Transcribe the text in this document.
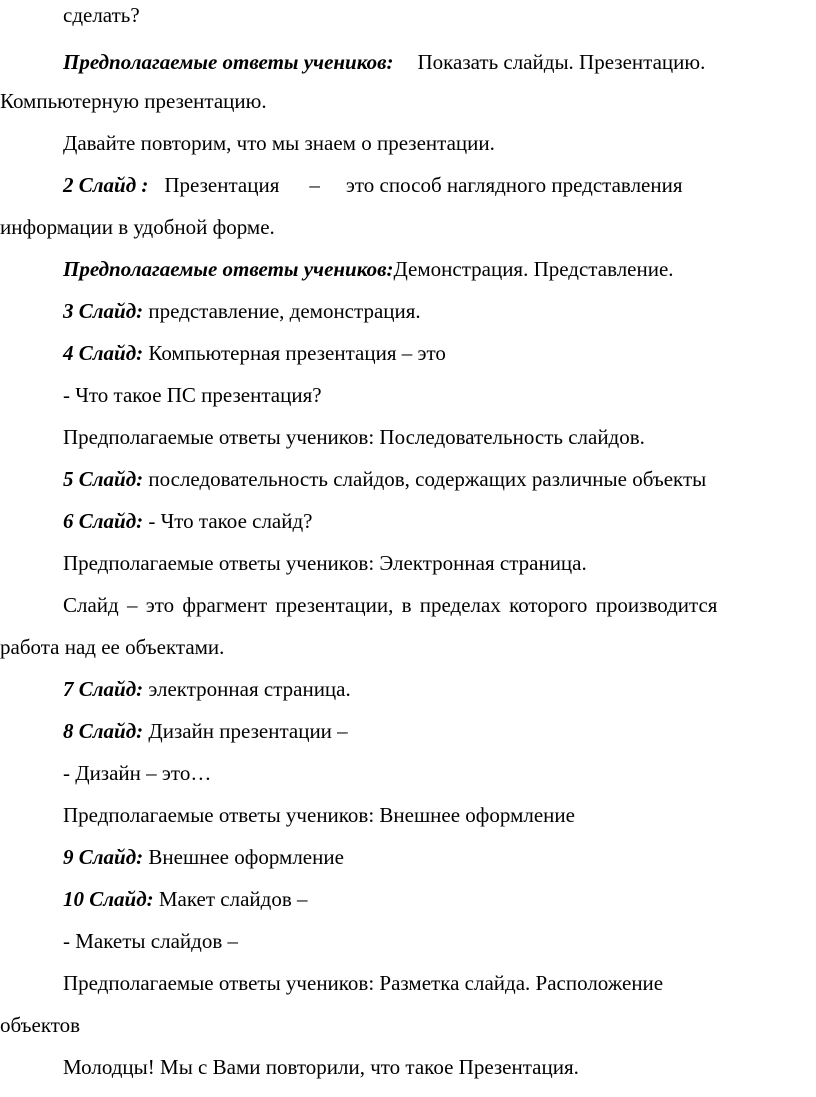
сделать?
Предполагаемые ответы учеников: Показать слайды. Презентацию.
Компьютерную презентацию.
Давайте повторим, что мы знаем о презентации.
2 Слайд : Презентация – это способ наглядного представления
информации в удобной форме.
Предполагаемые ответы учеников:Демонстрация. Представление.
3 Слайд: представление, демонстрация.
4 Слайд: Компьютерная презентация – это
- Что такое ПС презентация?
Предполагаемые ответы учеников: Последовательность слайдов.
5 Слайд: последовательность слайдов, содержащих различные объекты
6 Слайд: - Что такое слайд?
Предполагаемые ответы учеников: Электронная страница.
Слайд – это фрагмент презентации, в пределах которого производится
работа над ее объектами.
7 Слайд: электронная страница.
8 Слайд: Дизайн презентации –
- Дизайн – это…
Предполагаемые ответы учеников: Внешнее оформление
9 Слайд: Внешнее оформление
10 Слайд: Макет слайдов –
- Макеты слайдов –
Предполагаемые ответы учеников: Разметка слайда. Расположение
объектов
Молодцы! Мы с Вами повторили, что такое Презентация.
